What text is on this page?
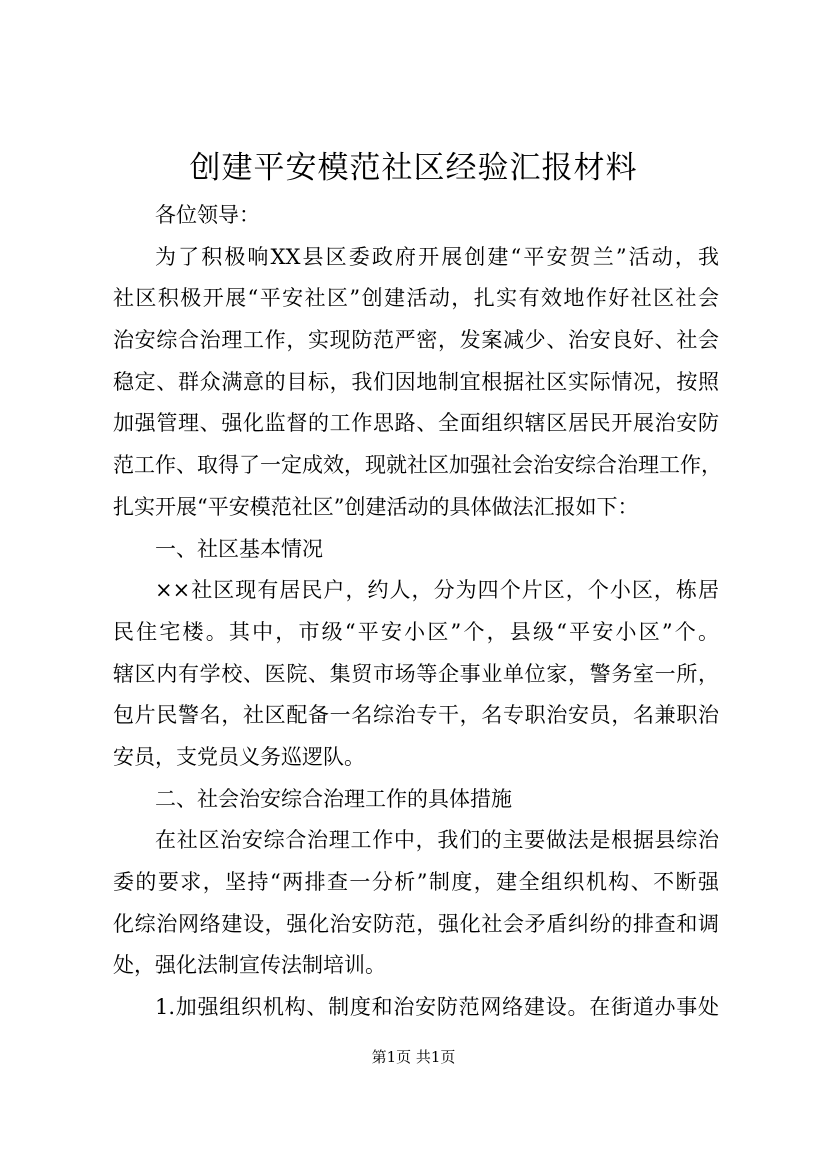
创建平安模范社区经验汇报材料
各位领导：
为了积极响XX县区委政府开展创建“平安贺兰”活动，我
社区积极开展“平安社区”创建活动，扎实有效地作好社区社会
治安综合治理工作，实现防范严密，发案减少、治安良好、社会
稳定、群众满意的目标，我们因地制宜根据社区实际情况，按照
加强管理、强化监督的工作思路、全面组织辖区居民开展治安防
范工作、取得了一定成效，现就社区加强社会治安综合治理工作，
扎实开展“平安模范社区”创建活动的具体做法汇报如下：
一、社区基本情况
××社区现有居民户，约人，分为四个片区，个小区，栋居
民住宅楼。其中，市级“平安小区”个，县级“平安小区”个。
辖区内有学校、医院、集贸市场等企事业单位家，警务室一所，
包片民警名，社区配备一名综治专干，名专职治安员，名兼职治
安员，支党员义务巡逻队。
二、社会治安综合治理工作的具体措施
在社区治安综合治理工作中，我们的主要做法是根据县综治
委的要求，坚持“两排查一分析”制度，建全组织机构、不断强
化综治网络建设，强化治安防范，强化社会矛盾纠纷的排查和调
处，强化法制宣传法制培训。
1.加强组织机构、制度和治安防范网络建设。在街道办事处
第1页 共1页
